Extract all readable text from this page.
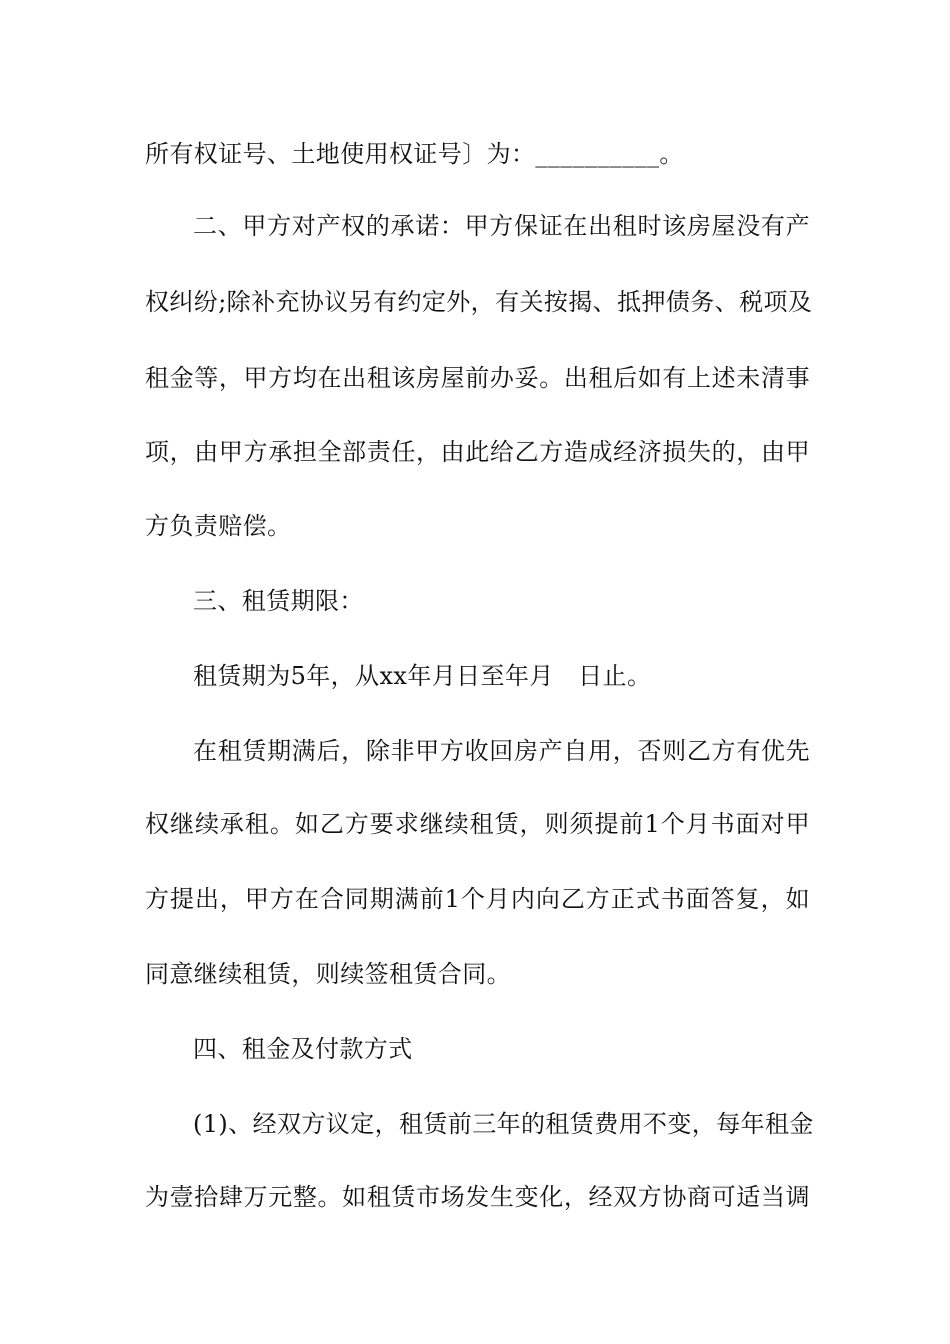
所有权证号、土地使用权证号〕为：__________。
二、甲方对产权的承诺：甲方保证在出租时该房屋没有产
权纠纷;除补充协议另有约定外，有关按揭、抵押债务、税项及
租金等，甲方均在出租该房屋前办妥。出租后如有上述未清事
项，由甲方承担全部责任，由此给乙方造成经济损失的，由甲
方负责赔偿。
三、租赁期限：
租赁期为5年，从xx年月日至年月　日止。
在租赁期满后，除非甲方收回房产自用，否则乙方有优先
权继续承租。如乙方要求继续租赁，则须提前1个月书面对甲
方提出，甲方在合同期满前1个月内向乙方正式书面答复，如
同意继续租赁，则续签租赁合同。
四、租金及付款方式
(1)、经双方议定，租赁前三年的租赁费用不变，每年租金
为壹拾肆万元整。如租赁市场发生变化，经双方协商可适当调
